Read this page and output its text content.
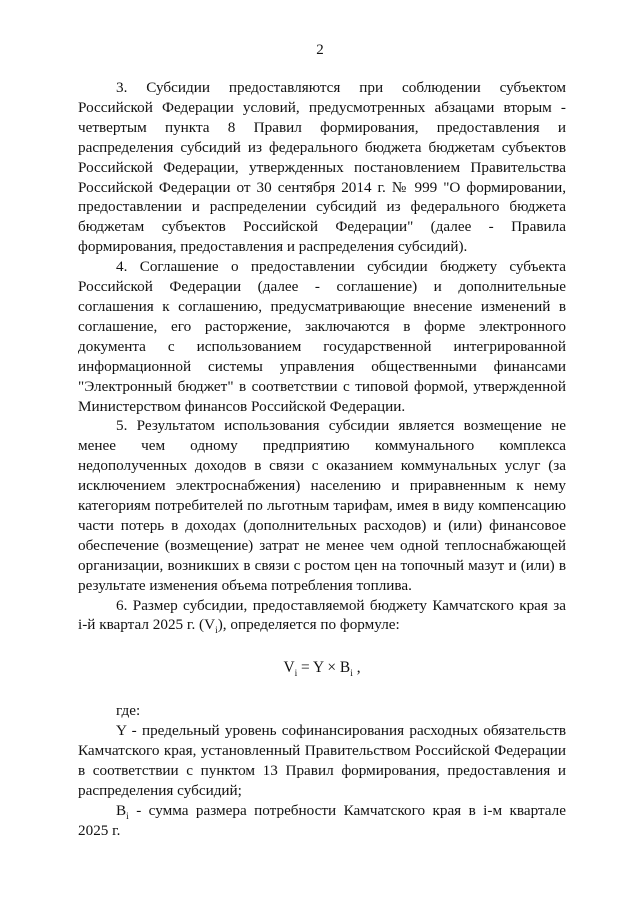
2

3. Субсидии предоставляются при соблюдении субъектом Российской Федерации условий, предусмотренных абзацами вторым - четвертым пункта 8 Правил формирования, предоставления и распределения субсидий из федерального бюджета бюджетам субъектов Российской Федерации, утвержденных постановлением Правительства Российской Федерации от 30 сентября 2014 г. № 999 "О формировании, предоставлении и распределении субсидий из федерального бюджета бюджетам субъектов Российской Федерации" (далее - Правила формирования, предоставления и распределения субсидий).

4. Соглашение о предоставлении субсидии бюджету субъекта Российской Федерации (далее - соглашение) и дополнительные соглашения к соглашению, предусматривающие внесение изменений в соглашение, его расторжение, заключаются в форме электронного документа с использованием государственной интегрированной информационной системы управления общественными финансами "Электронный бюджет" в соответствии с типовой формой, утвержденной Министерством финансов Российской Федерации.

5. Результатом использования субсидии является возмещение не менее чем одному предприятию коммунального комплекса недополученных доходов в связи с оказанием коммунальных услуг (за исключением электроснабжения) населению и приравненным к нему категориям потребителей по льготным тарифам, имея в виду компенсацию части потерь в доходах (дополнительных расходов) и (или) финансовое обеспечение (возмещение) затрат не менее чем одной теплоснабжающей организации, возникших в связи с ростом цен на топочный мазут и (или) в результате изменения объема потребления топлива.

6. Размер субсидии, предоставляемой бюджету Камчатского края за i-й квартал 2025 г. $(V_i)$, определяется по формуле:

$V_i = Y \times B_i$ ,

где:

Y - предельный уровень софинансирования расходных обязательств Камчатского края, установленный Правительством Российской Федерации в соответствии с пунктом 13 Правил формирования, предоставления и распределения субсидий;

$B_i$ - сумма размера потребности Камчатского края в i-м квартале 2025 г.
